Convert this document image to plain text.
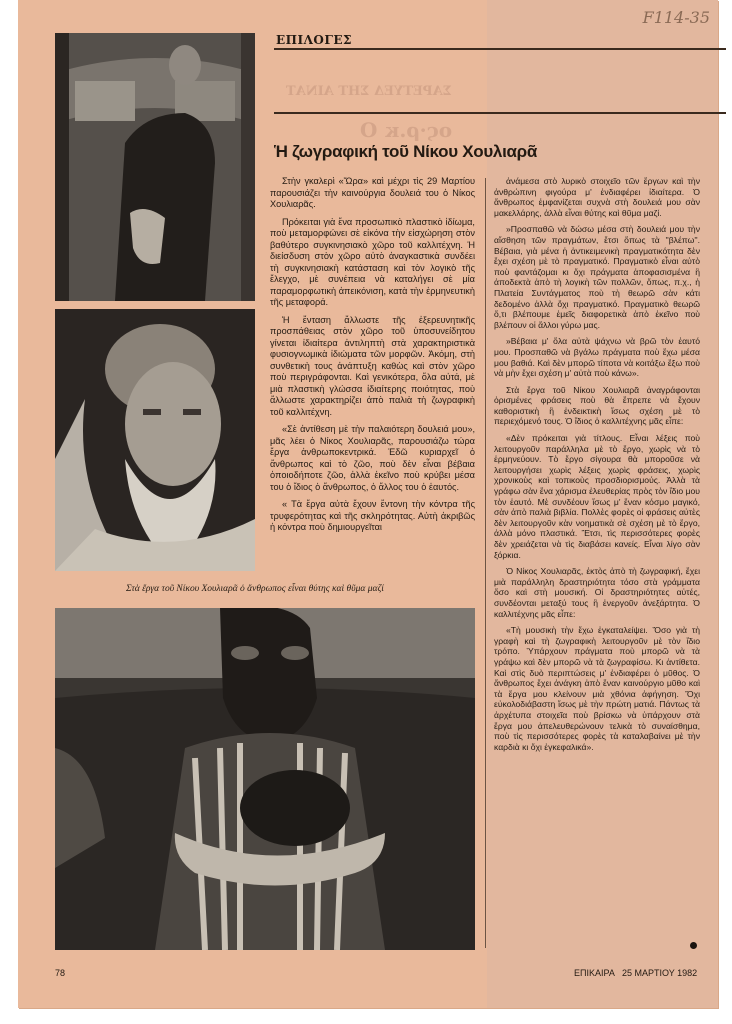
F114-35
ΕΠΙΛΟΓΕΣ
ΣΑΡΕΤΥΕΔ ΣΗΤ ΑΙΝΑΤ
ος·ρ.κ Ο
Ἡ ζωγραφική τοῦ Νίκου Χουλιαρᾶ
Στὰ ἔργα τοῦ Νίκου Χουλιαρᾶ ὁ ἄνθρωπος εἶναι θύτης καὶ θῦμα μαζί

Στὴν γκαλερὶ «Ὥρα» καὶ μέχρι τὶς 29 Μαρτίου παρουσιάζει τὴν καινούργια δουλειά του ὁ Νίκος Χουλιαρᾶς.

Πρόκειται γιὰ ἕνα προσωπικὸ πλαστικὸ ἰδίωμα, ποὺ μεταμορφώνει σὲ εἰκόνα τὴν εἰσχώρηση στὸν βαθύτερο συγκινησιακὸ χῶρο τοῦ καλλιτέχνη. Ἡ διείσδυση στὸν χῶρο αὐτὸ ἀναγκαστικὰ συνδέει τὴ συγκινησιακὴ κατάσταση καὶ τὸν λογικὸ τῆς ἔλεγχο, μὲ συνέπεια νὰ καταλήγει σὲ μία παραμορφωτικὴ ἀπεικόνιση, κατὰ τὴν ἑρμηνευτικὴ τῆς μεταφορά.

Ἡ ἔνταση ἄλλωστε τῆς ἐξερευνητικῆς προσπάθειας στὸν χῶρο τοῦ ὑποσυνείδητου γίνεται ἰδιαίτερα ἀντιληπτὴ στὰ χαρακτηριστικὰ φυσιογνωμικὰ ἰδιώματα τῶν μορφῶν. Ἀκόμη, στὴ συνθετικὴ τους ἀνάπτυξη καθὼς καὶ στὸν χῶρο ποὺ περιγράφονται. Καὶ γενικότερα, ὅλα αὐτά, μὲ μιὰ πλαστικὴ γλώσσα ἰδιαίτερης ποιότητας, ποὺ ἄλλωστε χαρακτηρίζει ἀπὸ παλιὰ τὴ ζωγραφικὴ τοῦ καλλιτέχνη.

«Σὲ ἀντίθεση μὲ τὴν παλαιότερη δουλειά μου», μᾶς λέει ὁ Νίκος Χουλιαρᾶς, παρουσιάζω τώρα ἔργα ἀνθρωποκεντρικά. Ἐδῶ κυριαρχεῖ ὁ ἄνθρωπος καὶ τὸ ζῶο, ποὺ δὲν εἶναι βέβαια ὁποιοδήποτε ζῶο, ἀλλὰ ἐκεῖνο ποὺ κρύβει μέσα του ὁ ἴδιος ὁ ἄνθρωπος, ὁ ἄλλος του ὁ ἑαυτός.

« Τὰ ἔργα αὐτὰ ἔχουν ἔντονη τὴν κόντρα τῆς τρυφερότητας καὶ τῆς σκληρότητας. Αὐτὴ ἀκριβῶς ἡ κόντρα ποὺ δημιουργεῖται

ἀνάμεσα στὸ λυρικὸ στοιχεῖο τῶν ἔργων καὶ τὴν ἀνθρώπινη φιγούρα μ' ἐνδιαφέρει ἰδιαίτερα. Ὁ ἄνθρωπος ἐμφανίζεται συχνὰ στὴ δουλειά μου σὰν μακελλάρης, ἀλλὰ εἶναι θύτης καὶ θῦμα μαζί.

»Προσπαθῶ νὰ δώσω μέσα στὴ δουλειά μου τὴν αἴσθηση τῶν πραγμάτων, ἔτσι ὅπως τὰ ''βλέπω''. Βέβαια, γιὰ μένα ἡ ἀντικειμενικὴ πραγματικότητα δὲν ἔχει σχέση μὲ τὸ πραγματικό. Πραγματικὸ εἶναι αὐτὸ ποὺ φαντάζομαι κι ὄχι πράγματα ἀποφασισμένα ἢ ἀποδεκτὰ ἀπὸ τὴ λογικὴ τῶν πολλῶν, ὅπως, π.χ., ἡ Πλατεία Συντάγματος ποὺ τὴ θεωρῶ σὰν κάτι δεδομένο ἀλλὰ ὄχι πραγματικό. Πραγματικὸ θεωρῶ ὅ,τι βλέπουμε ἐμεῖς διαφορετικὰ ἀπὸ ἐκεῖνο ποὺ βλέπουν οἱ ἄλλοι γύρω μας.

»Βέβαια μ' ὅλα αὐτὰ ψάχνω νὰ βρῶ τὸν ἑαυτό μου. Προσπαθῶ νὰ βγάλω πράγματα ποὺ ἔχω μέσα μου βαθιά. Καὶ δὲν μπορῶ τίποτα νὰ κοιτάξω ἔξω ποὺ νὰ μὴν ἔχει σχέση μ' αὐτὰ ποὺ κάνω».

Στὰ ἔργα τοῦ Νίκου Χουλιαρᾶ ἀναγράφονται ὁρισμένες φράσεις ποὺ θὰ ἔπρεπε νὰ ἔχουν καθοριστικὴ ἢ ἐνδεικτικὴ ἴσως σχέση μὲ τὸ περιεχόμενό τους. Ὁ ἴδιος ὁ καλλιτέχνης μᾶς εἶπε:

«Δὲν πρόκειται γιὰ τίτλους. Εἶναι λέξεις ποὺ λειτουργοῦν παράλληλα μὲ τὸ ἔργο, χωρὶς νὰ τὸ ἑρμηνεύουν. Τὸ ἔργο σίγουρα θὰ μποροῦσε νὰ λειτουργήσει χωρὶς λέξεις χωρὶς φράσεις, χωρὶς χρονικοὺς καὶ τοπικοὺς προσδιορισμούς. Ἀλλὰ τὰ γράφω σὰν ἕνα χάρισμα ἐλευθερίας πρὸς τὸν ἴδιο μου τὸν ἑαυτό. Μὲ συνδέουν ἴσως μ' ἕναν κόσμο μαγικό, σὰν ἀπὸ παλιὰ βιβλία. Πολλὲς φορὲς οἱ φράσεις αὐτὲς δὲν λειτουργοῦν κὰν νοηματικὰ σὲ σχέση μὲ τὸ ἔργο, ἀλλὰ μόνο πλαστικά. Ἔτσι, τὶς περισσότερες φορὲς δὲν χρειάζεται νὰ τὶς διαβάσει κανείς. Εἶναι λίγο σὰν ξόρκια.

Ὁ Νίκος Χουλιαρᾶς, ἐκτὸς ἀπὸ τὴ ζωγραφική, ἔχει μιὰ παράλληλη δραστηριότητα τόσο στὰ γράμματα ὅσο καὶ στὴ μουσική. Οἱ δραστηριότητες αὐτές, συνδέονται μεταξύ τους ἢ ἐνεργοῦν ἀνεξάρτητα. Ὁ καλλιτέχνης μᾶς εἶπε:

«Τὴ μουσικὴ τὴν ἔχω ἐγκαταλείψει. Ὅσο γιὰ τὴ γραφὴ καὶ τὴ ζωγραφικὴ λειτουργοῦν μὲ τὸν ἴδιο τρόπο. Ὑπάρχουν πράγματα ποὺ μπορῶ νὰ τὰ γράψω καὶ δὲν μπορῶ νὰ τὰ ζωγραφίσω. Κι ἀντίθετα. Καὶ στὶς δυὸ περιπτώσεις μ' ἐνδιαφέρει ὁ μῦθος. Ὁ ἄνθρωπος ἔχει ἀνάγκη ἀπὸ ἕναν καινούργιο μῦθο καὶ τὰ ἔργα μου κλείνουν μιὰ χθόνια ἀφήγηση. Ὄχι εὐκολοδιάβαστη ἴσως μὲ τὴν πρώτη ματιά. Πάντως τὰ ἀρχέτυπα στοιχεῖα ποὺ βρίσκω νὰ ὑπάρχουν στὰ ἔργα μου ἀπελευθερώνουν τελικὰ τὸ συναίσθημα, ποὺ τὶς περισσότερες φορὲς τὰ καταλαβαίνει μὲ τὴν καρδιὰ κι ὄχι ἐγκεφαλικά».

78	ΕΠΙΚΑΙΡΑ 25 ΜΑΡΤΙΟΥ 1982
